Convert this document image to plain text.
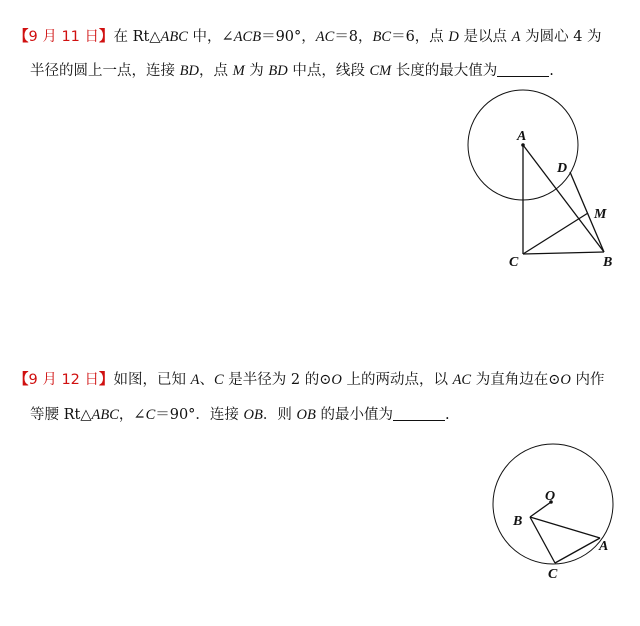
【9 月 11 日】在 Rt△ABC 中，∠ACB＝90°，AC＝8，BC＝6，点 D 是以点 A 为圆心 4 为
半径的圆上一点，连接 BD，点 M 为 BD 中点，线段 CM 长度的最大值为	.
A
D
M
C	B
O
B
A
C
【9 月 12 日】如图，已知 A、C 是半径为 2 的⊙O 上的两动点，以 AC 为直角边在⊙O 内作
等腰 Rt△ABC，∠C＝90°．连接 OB．则 OB 的最小值为	.
